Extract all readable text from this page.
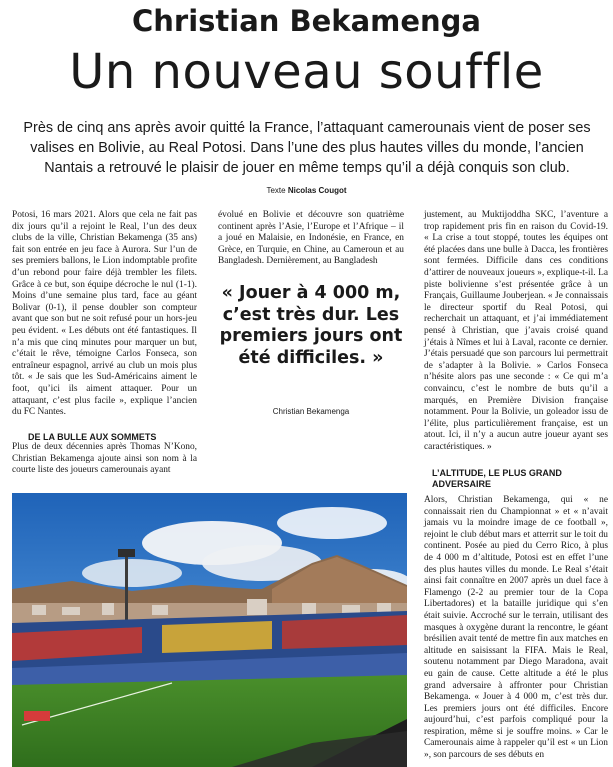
Christian Bekamenga
Un nouveau souffle
Près de cinq ans après avoir quitté la France, l’attaquant camerounais vient de poser ses valises en Bolivie, au Real Potosi. Dans l’une des plus hautes villes du monde, l’ancien Nantais a retrouvé le plaisir de jouer en même temps qu’il a déjà conquis son club.
Texte Nicolas Cougot

Potosi, 16 mars 2021. Alors que cela ne fait pas dix jours qu’il a rejoint le Real, l’un des deux clubs de la ville, Christian Bekamenga (35 ans) fait son entrée en jeu face à Aurora. Sur l’un de ses premiers ballons, le Lion indomptable profite d’un rebond pour faire déjà trembler les filets. Grâce à ce but, son équipe décroche le nul (1-1). Moins d’une semaine plus tard, face au géant Bolivar (0-1), il pense doubler son compteur avant que son but ne soit refusé pour un hors-jeu peu évident. « Les débuts ont été fantastiques. Il n’a mis que cinq minutes pour marquer un but, c’était le rêve, témoigne Carlos Fonseca, son entraîneur espagnol, arrivé au club un mois plus tôt. « Je sais que les Sud-Américains aiment le foot, qu’ici ils aiment attaquer. Pour un attaquant, c’est plus facile », explique l’ancien du FC Nantes.

DE LA BULLE AUX SOMMETS

Plus de deux décennies après Thomas N’Kono, Christian Bekamenga ajoute ainsi son nom à la courte liste des joueurs camerounais ayant

évolué en Bolivie et découvre son quatrième continent après l’Asie, l’Europe et l’Afrique – il a joué en Malaisie, en Indonésie, en France, en Grèce, en Turquie, en Chine, au Cameroun et au Bangladesh. Dernièrement, au Bangladesh

« Jouer à 4 000 m, c’est très dur. Les premiers jours ont été difficiles. »
Christian Bekamenga

justement, au Muktijoddha SKC, l’aventure a trop rapidement pris fin en raison du Covid-19. « La crise a tout stoppé, toutes les équipes ont été placées dans une bulle à Dacca, les frontières sont fermées. Difficile dans ces conditions d’attirer de nouveaux joueurs », explique-t-il. La piste bolivienne s’est présentée grâce à un Français, Guillaume Jouberjean. « Je connaissais le directeur sportif du Real Potosi, qui recherchait un attaquant, et j’ai immédiatement pensé à Christian, que j’avais croisé quand j’étais à Nîmes et lui à Laval, raconte ce dernier. J’étais persuadé que son parcours lui permettrait de s’adapter à la Bolivie. » Carlos Fonseca n’hésite alors pas une seconde : « Ce qui m’a convaincu, c’est le nombre de buts qu’il a marqués, en Première Division française notamment. Pour la Bolivie, un goleador issu de l’élite, plus particulièrement française, est un atout. Ici, il n’y a aucun autre joueur ayant ses caractéristiques. »

L’ALTITUDE, LE PLUS GRAND ADVERSAIRE

Alors, Christian Bekamenga, qui « ne connaissait rien du Championnat » et « n’avait jamais vu la moindre image de ce football », rejoint le club début mars et atterrit sur le toit du continent. Posée au pied du Cerro Rico, à plus de 4 000 m d’altitude, Potosi est en effet l’une des plus hautes villes du monde. Le Real s’était ainsi fait connaître en 2007 après un duel face à Flamengo (2-2 au premier tour de la Copa Libertadores) et la bataille juridique qui s’en était suivie. Accroché sur le terrain, utilisant des masques à oxygène durant la rencontre, le géant brésilien avait tenté de mettre fin aux matches en altitude en saisissant la FIFA. Mais le Real, soutenu notamment par Diego Maradona, avait eu gain de cause. Cette altitude a été le plus grand adversaire à affronter pour Christian Bekamenga. « Jouer à 4 000 m, c’est très dur. Les premiers jours ont été difficiles. Encore aujourd’hui, c’est parfois compliqué pour la respiration, même si je souffre moins. » Car le Camerounais aime à rappeler qu’il est « un Lion », son parcours de ses débuts en
